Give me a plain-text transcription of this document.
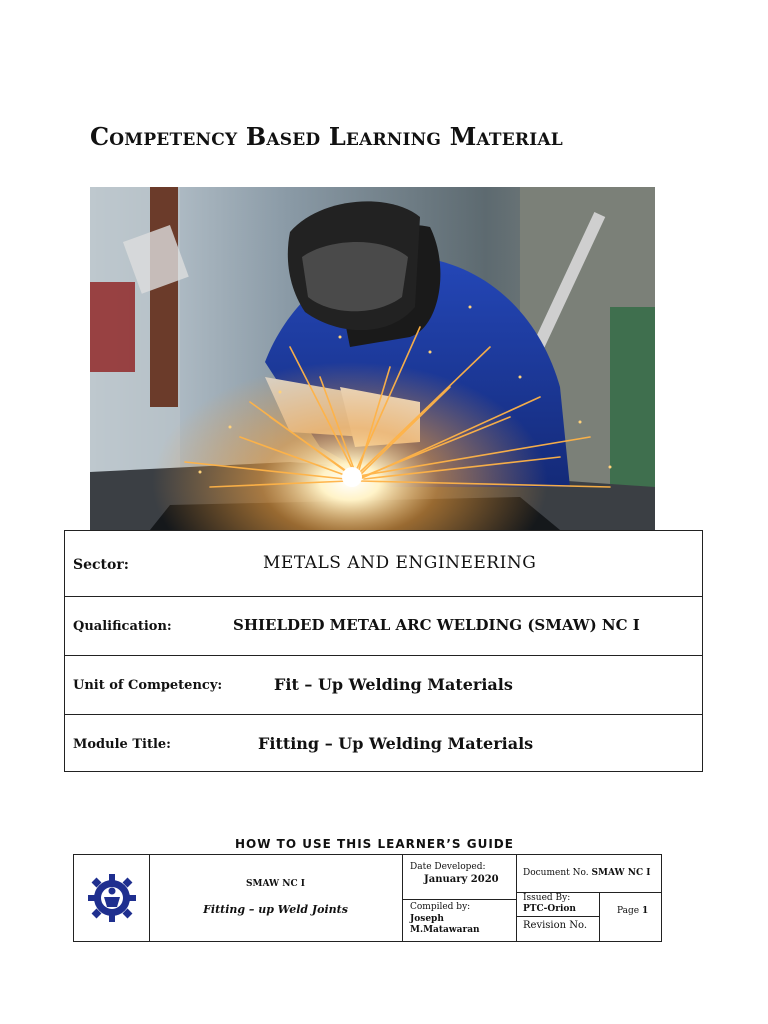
Competency Based Learning Material
Sector:	METALS AND ENGINEERING
Qualification:	SHIELDED METAL ARC WELDING (SMAW) NC I
Unit of Competency:	Fit – Up Welding Materials
Module Title:	Fitting – Up Welding Materials
HOW TO USE THIS LEARNER’S GUIDE
SMAW NC I
Fitting – up Weld Joints
Date Developed:
January 2020
Compiled by:
Joseph M.Matawaran
Document No. SMAW NC I
Issued By:
PTC-Orion
Revision No.
Page 1
